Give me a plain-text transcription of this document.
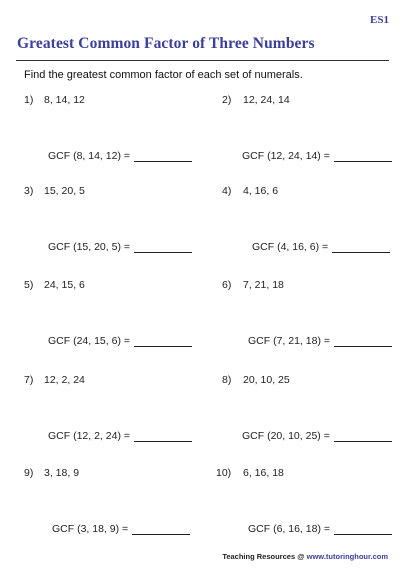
ES1
Greatest Common Factor of Three Numbers
Find the greatest common factor of each set of numerals.
1) 8, 14, 12
GCF (8, 14, 12) =
2) 12, 24, 14
GCF (12, 24, 14) =
3) 15, 20, 5
GCF (15, 20, 5) =
4) 4, 16, 6
GCF (4, 16, 6) =
5) 24, 15, 6
GCF (24, 15, 6) =
6) 7, 21, 18
GCF (7, 21, 18) =
7) 12, 2, 24
GCF (12, 2, 24) =
8) 20, 10, 25
GCF (20, 10, 25) =
9) 3, 18, 9
GCF (3, 18, 9) =
10) 6, 16, 18
GCF (6, 16, 18) =
Teaching Resources @ www.tutoringhour.com
